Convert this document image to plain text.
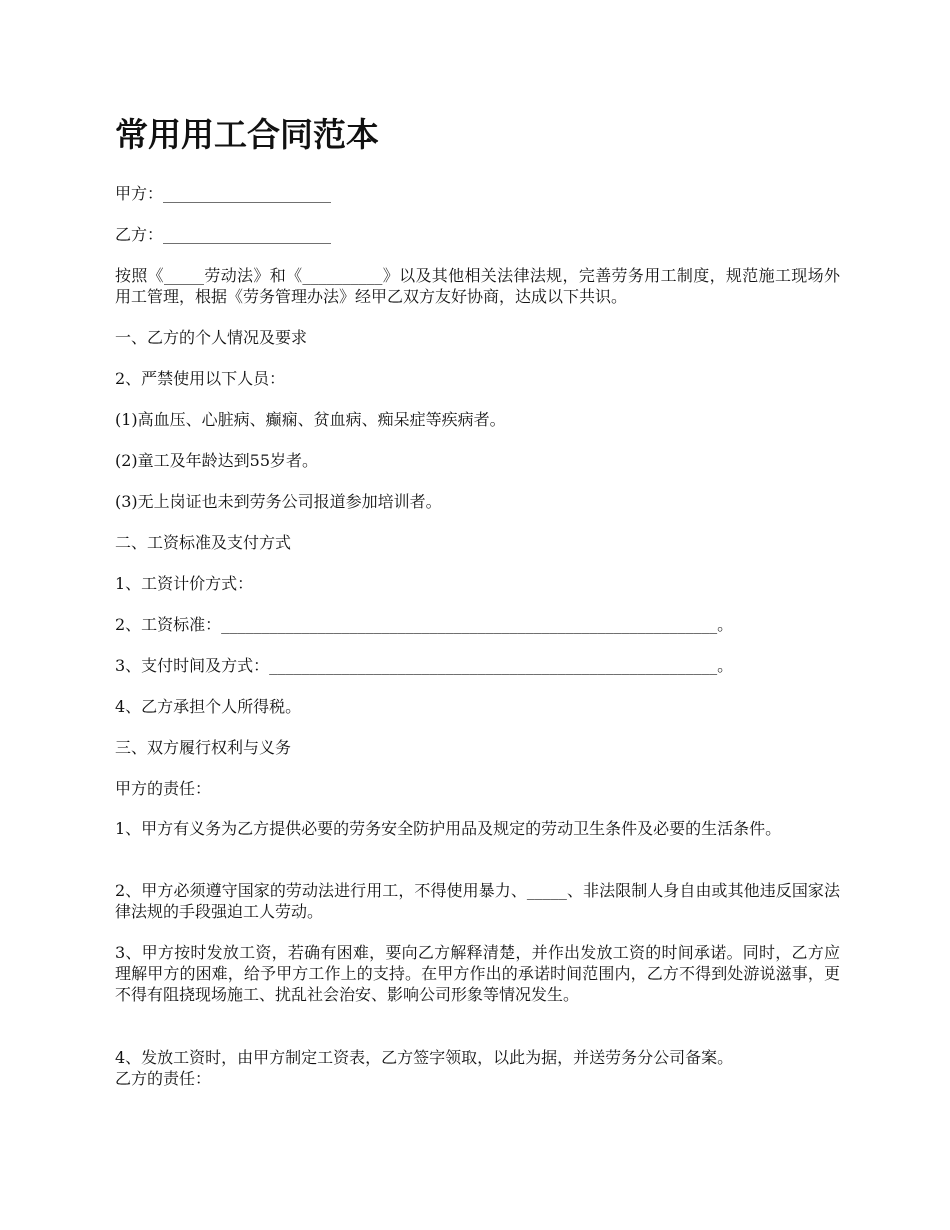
常用用工合同范本

甲方：_____________________

乙方：_____________________

按照《_____劳动法》和《__________》以及其他相关法律法规，完善劳务用工制度，规范施工现场外用工管理，根据《劳务管理办法》经甲乙双方友好协商，达成以下共识。

一、乙方的个人情况及要求

2、严禁使用以下人员：

(1)高血压、心脏病、癫痫、贫血病、痴呆症等疾病者。

(2)童工及年龄达到55岁者。

(3)无上岗证也未到劳务公司报道参加培训者。

二、工资标准及支付方式

1、工资计价方式：

2、工资标准：______________________________________________________________。

3、支付时间及方式：________________________________________________________。

4、乙方承担个人所得税。

三、双方履行权利与义务

甲方的责任：

1、甲方有义务为乙方提供必要的劳务安全防护用品及规定的劳动卫生条件及必要的生活条件。

2、甲方必须遵守国家的劳动法进行用工，不得使用暴力、_____、非法限制人身自由或其他违反国家法律法规的手段强迫工人劳动。

3、甲方按时发放工资，若确有困难，要向乙方解释清楚，并作出发放工资的时间承诺。同时，乙方应理解甲方的困难，给予甲方工作上的支持。在甲方作出的承诺时间范围内，乙方不得到处游说滋事，更不得有阻挠现场施工、扰乱社会治安、影响公司形象等情况发生。

4、发放工资时，由甲方制定工资表，乙方签字领取，以此为据，并送劳务分公司备案。

乙方的责任：
